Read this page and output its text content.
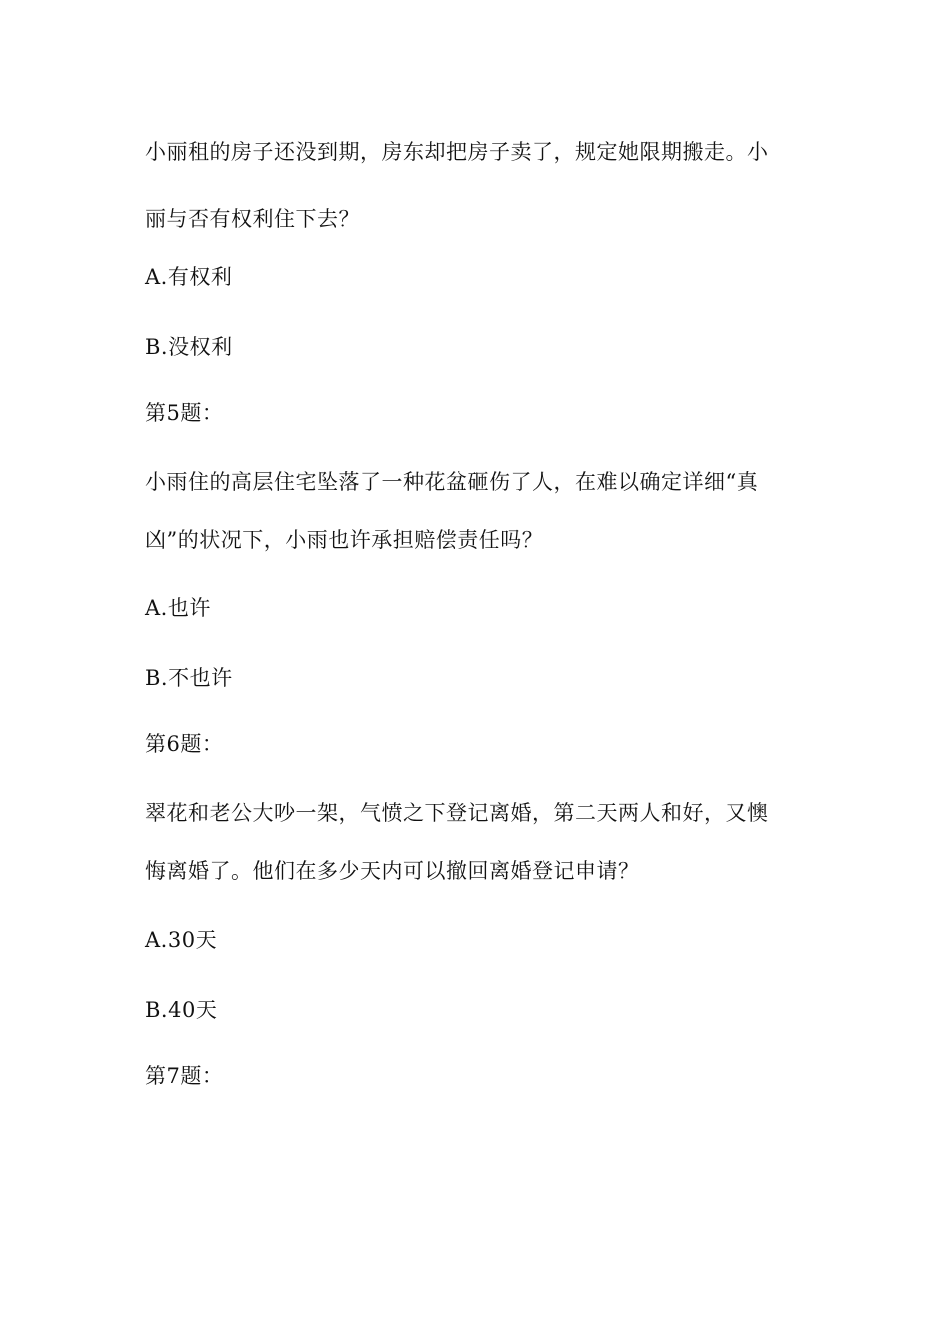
小丽租的房子还没到期，房东却把房子卖了，规定她限期搬走。小
丽与否有权利住下去？
A.有权利
B.没权利
第5题：
小雨住的高层住宅坠落了一种花盆砸伤了人，在难以确定详细“真
凶”的状况下，小雨也许承担赔偿责任吗？
A.也许
B.不也许
第6题：
翠花和老公大吵一架，气愤之下登记离婚，第二天两人和好，又懊
悔离婚了。他们在多少天内可以撤回离婚登记申请？
A.30天
B.40天
第7题：
